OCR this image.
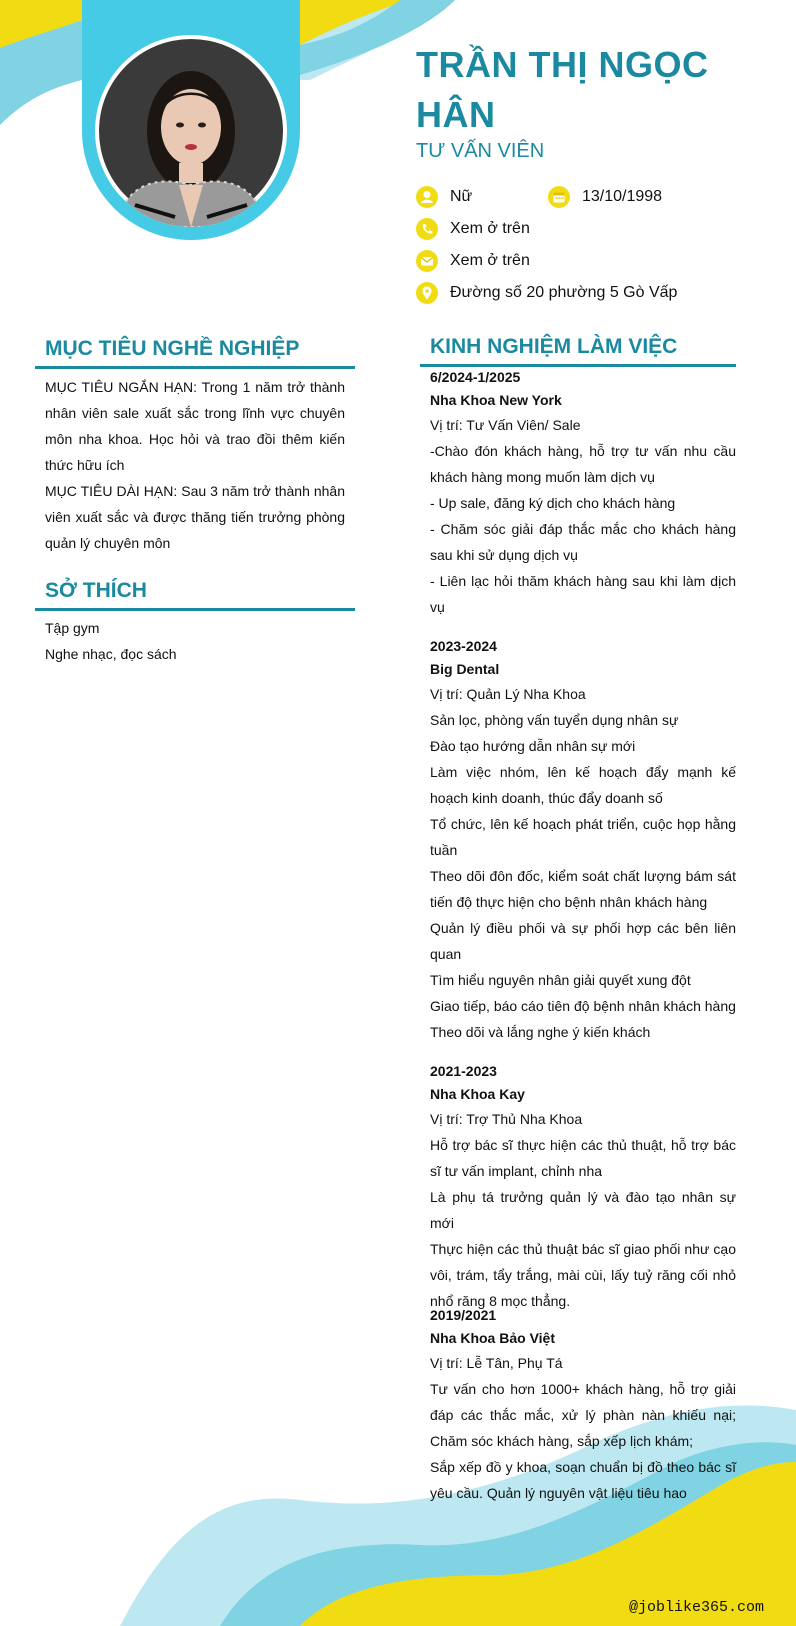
TRẦN THỊ NGỌC HÂN
TƯ VẤN VIÊN
Nữ	13/10/1998
Xem ở trên
Xem ở trên
Đường số 20 phường 5 Gò Vấp
MỤC TIÊU NGHỀ NGHIỆP

MỤC TIÊU NGẮN HẠN: Trong 1 năm trở thành nhân viên sale xuất sắc trong lĩnh vực chuyên môn nha khoa. Học hỏi và trao đồi thêm kiến thức hữu ích

MỤC TIÊU DÀI HẠN: Sau 3 năm trở thành nhân viên xuất sắc và được thăng tiến trưởng phòng quản lý chuyên môn

SỞ THÍCH

Tập gym

Nghe nhạc, đọc sách

KINH NGHIỆM LÀM VIỆC
6/2024-1/2025
Nha Khoa New York

Vị trí: Tư Vấn Viên/ Sale

-Chào đón khách hàng, hỗ trợ tư vấn nhu cầu khách hàng mong muốn làm dịch vụ

- Up sale, đăng ký dịch cho khách hàng

- Chăm sóc giải đáp thắc mắc cho khách hàng sau khi sử dụng dịch vụ

- Liên lạc hỏi thăm khách hàng sau khi làm dịch vụ

2023-2024
Big Dental

Vị trí: Quản Lý Nha Khoa

Sản lọc, phòng vấn tuyển dụng nhân sự

Đào tạo hướng dẫn nhân sự mới

Làm việc nhóm, lên kế hoạch đẩy mạnh kế hoạch kinh doanh, thúc đẩy doanh số

Tổ chức, lên kế hoạch phát triển, cuộc họp hằng tuần

Theo dõi đôn đốc, kiểm soát chất lượng bám sát tiến độ thực hiện cho bệnh nhân khách hàng

Quản lý điều phối và sự phối hợp các bên liên quan

Tìm hiểu nguyên nhân giải quyết xung đột

Giao tiếp, báo cáo tiên độ bệnh nhân khách hàng

Theo dõi và lắng nghe ý kiến khách

2021-2023
Nha Khoa Kay

Vị trí: Trợ Thủ Nha Khoa

Hỗ trợ bác sĩ thực hiện các thủ thuật, hỗ trợ bác sĩ tư vấn implant, chỉnh nha

Là phụ tá trưởng quản lý và đào tạo nhân sự mới

Thực hiện các thủ thuật bác sĩ giao phối như cạo vôi, trám, tẩy trắng, mài cùi, lấy tuỷ răng cối nhỏ nhổ răng 8 mọc thẳng.

2019/2021
Nha Khoa Bảo Việt

Vị trí: Lễ Tân, Phụ Tá

Tư vấn cho hơn 1000+ khách hàng, hỗ trợ giải đáp các thắc mắc, xử lý phàn nàn khiếu nại; Chăm sóc khách hàng, sắp xếp lịch khám;

Sắp xếp đồ y khoa, soạn chuẩn bị đồ theo bác sĩ yêu cầu. Quản lý nguyên vật liệu tiêu hao

@joblike365.com
